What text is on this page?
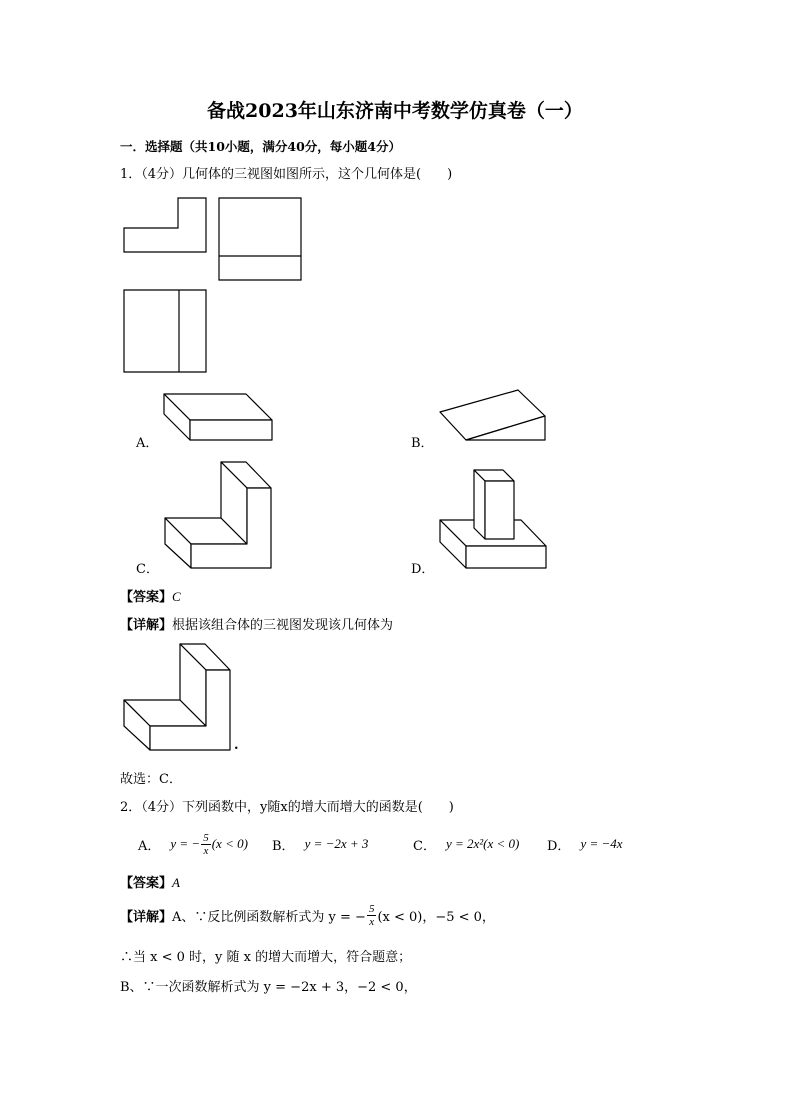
备战2023年山东济南中考数学仿真卷（一）
一．选择题（共10小题，满分40分，每小题4分）
1．（4分）几何体的三视图如图所示，这个几何体是(　　)
A．	B．
C．	D．
【答案】C
【详解】根据该组合体的三视图发现该几何体为
.
故选：C．
2．（4分）下列函数中，y随x的增大而增大的函数是(　　)
A． y = − $\frac{5}{x} (x < 0)$ B． y = −2x + 3	C． y = 2x²(x < 0) D． y = −4x
【答案】A
【详解】 A、∵反比例函数解析式为 y = − $\frac{5}{x} (x < 0)$，−5 < 0，
∴当 x < 0 时，y 随 x 的增大而增大，符合题意；
B、∵一次函数解析式为 y = −2x + 3，−2 < 0，
